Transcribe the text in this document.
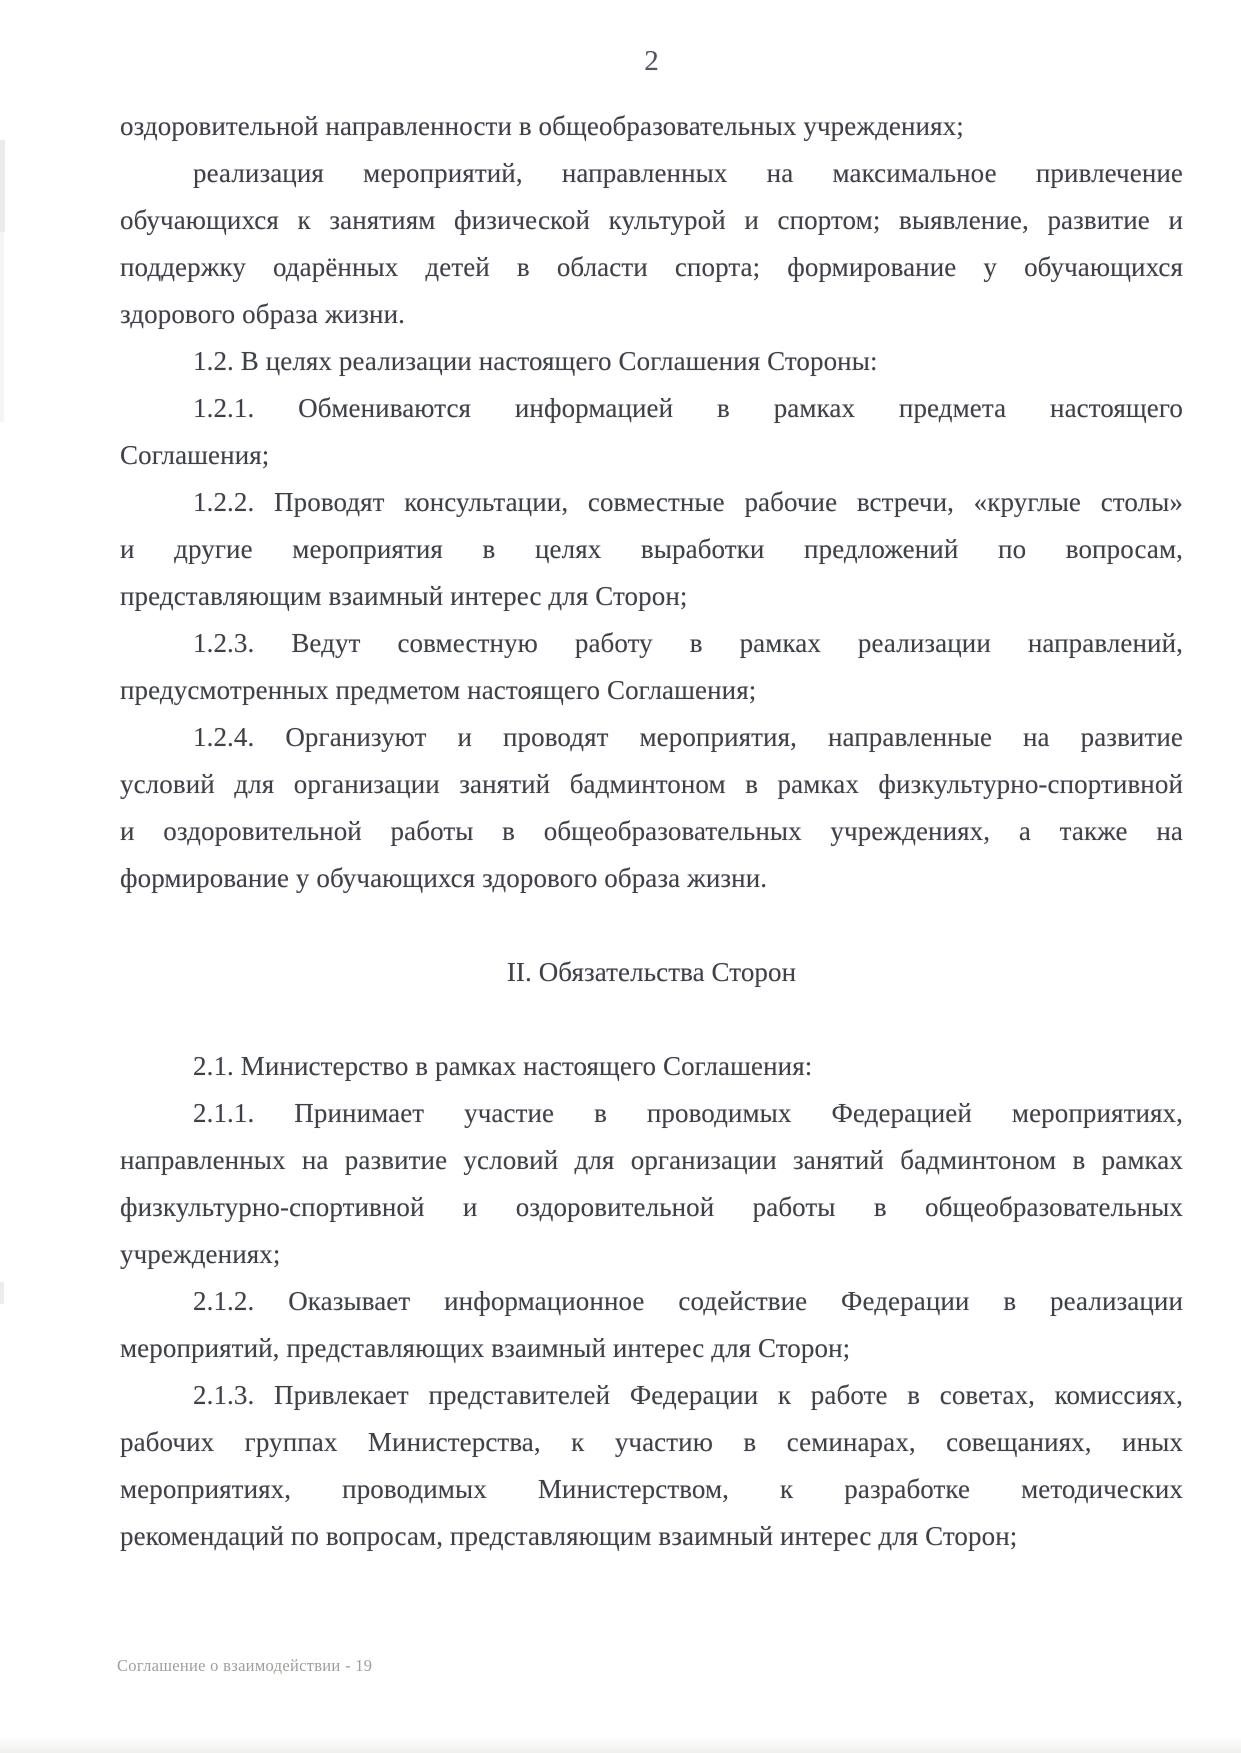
2
оздоровительной направленности в общеобразовательных учреждениях;
реализация мероприятий, направленных на максимальное привлечение
обучающихся к занятиям физической культурой и спортом; выявление, развитие и
поддержку одарённых детей в области спорта; формирование у обучающихся
здорового образа жизни.
1.2. В целях реализации настоящего Соглашения Стороны:
1.2.1. Обмениваются информацией в рамках предмета настоящего
Соглашения;
1.2.2. Проводят консультации, совместные рабочие встречи, «круглые столы»
и другие мероприятия в целях выработки предложений по вопросам,
представляющим взаимный интерес для Сторон;
1.2.3. Ведут совместную работу в рамках реализации направлений,
предусмотренных предметом настоящего Соглашения;
1.2.4. Организуют и проводят мероприятия, направленные на развитие
условий для организации занятий бадминтоном в рамках физкультурно-спортивной
и оздоровительной работы в общеобразовательных учреждениях, а также на
формирование у обучающихся здорового образа жизни.
II. Обязательства Сторон
2.1. Министерство в рамках настоящего Соглашения:
2.1.1. Принимает участие в проводимых Федерацией мероприятиях,
направленных на развитие условий для организации занятий бадминтоном в рамках
физкультурно-спортивной и оздоровительной работы в общеобразовательных
учреждениях;
2.1.2. Оказывает информационное содействие Федерации в реализации
мероприятий, представляющих взаимный интерес для Сторон;
2.1.3. Привлекает представителей Федерации к работе в советах, комиссиях,
рабочих группах Министерства, к участию в семинарах, совещаниях, иных
мероприятиях, проводимых Министерством, к разработке методических
рекомендаций по вопросам, представляющим взаимный интерес для Сторон;
Соглашение о взаимодействии - 19
